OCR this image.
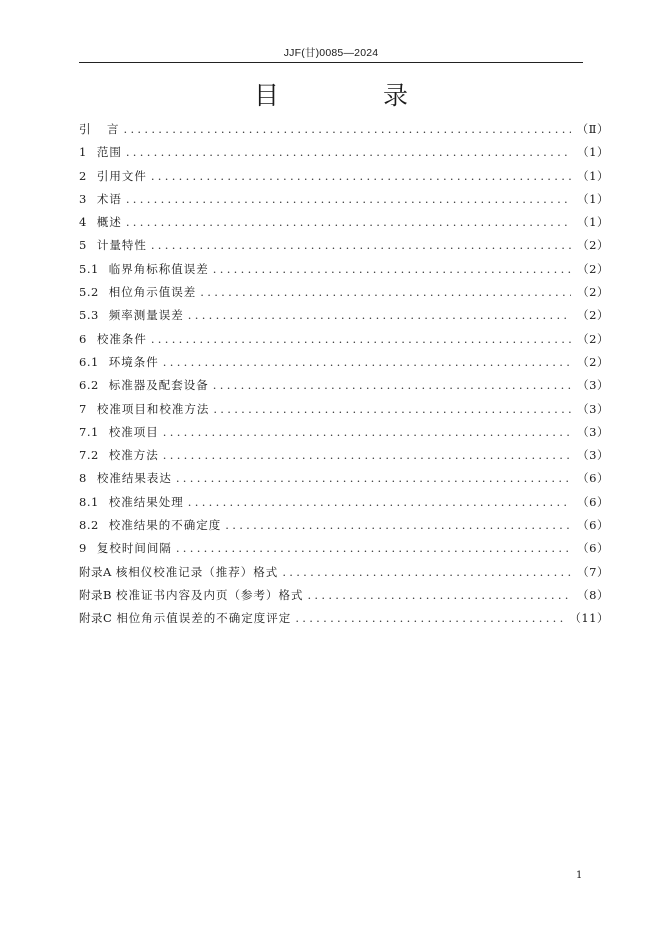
JJF(甘)0085—2024
目 录
引 言 .....	（Ⅱ）
1 范围 .....	（1）
2 引用文件 .....	（1）
3 术语 .....	（1）
4 概述 .....	（1）
5 计量特性 .....	（2）
5.1 临界角标称值误差 .....	（2）
5.2 相位角示值误差 .....	（2）
5.3 频率测量误差 .....	（2）
6 校准条件 .....	（2）
6.1 环境条件 .....	（2）
6.2 标准器及配套设备 .....	（3）
7 校准项目和校准方法 .....	（3）
7.1 校准项目 .....	（3）
7.2 校准方法 .....	（3）
8 校准结果表达 .....	（6）
8.1 校准结果处理 .....	（6）
8.2 校准结果的不确定度 .....	（6）
9 复校时间间隔 .....	（6）
附录A 核相仪校准记录（推荐）格式 .....	（7）
附录B 校准证书内容及内页（参考）格式 .....	（8）
附录C 相位角示值误差的不确定度评定 .....	（11）
1
